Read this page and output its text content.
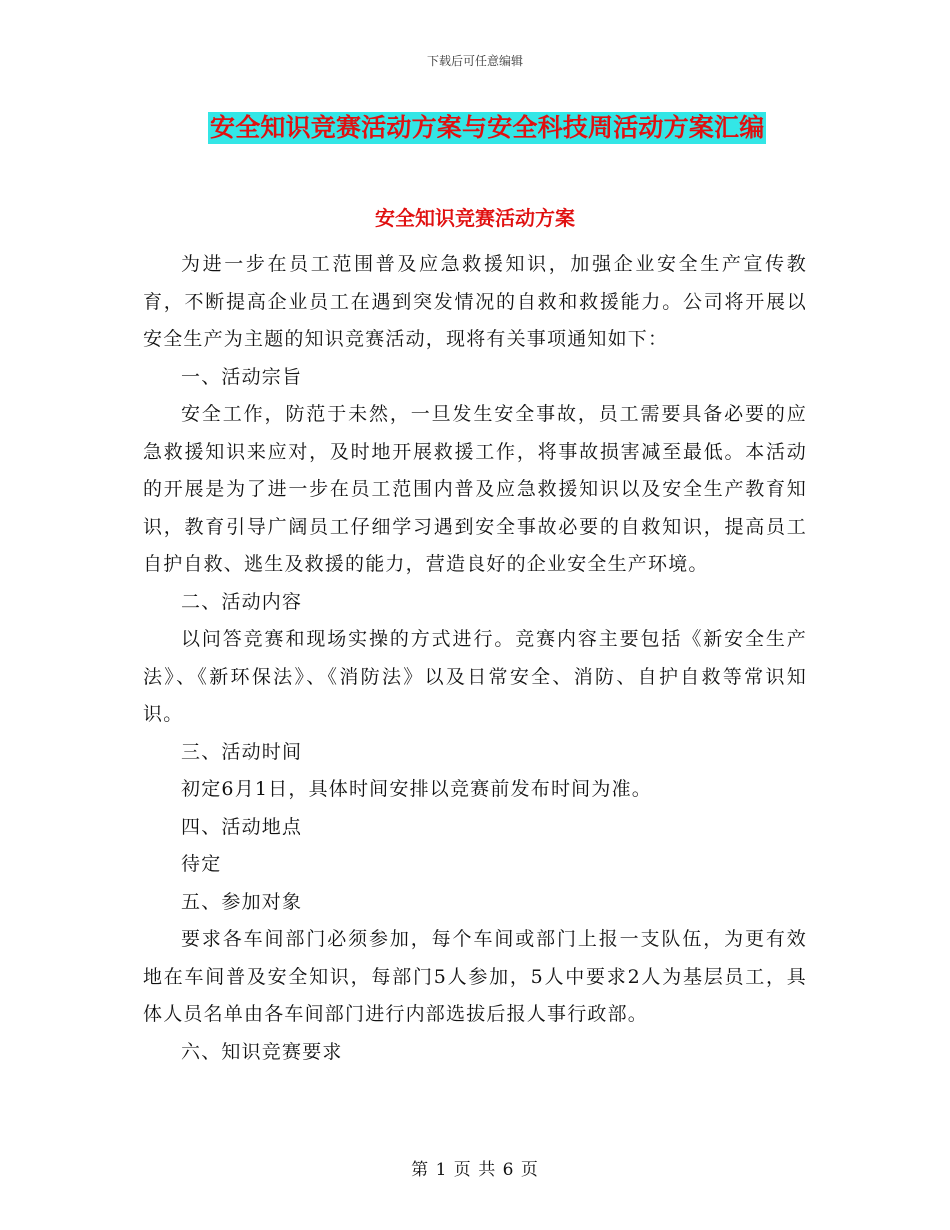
下载后可任意编辑
安全知识竞赛活动方案与安全科技周活动方案汇编
安全知识竞赛活动方案

为进一步在员工范围普及应急救援知识，加强企业安全生产宣传教育，不断提高企业员工在遇到突发情况的自救和救援能力。公司将开展以安全生产为主题的知识竞赛活动，现将有关事项通知如下：

一、活动宗旨

安全工作，防范于未然，一旦发生安全事故，员工需要具备必要的应急救援知识来应对，及时地开展救援工作，将事故损害减至最低。本活动的开展是为了进一步在员工范围内普及应急救援知识以及安全生产教育知识，教育引导广阔员工仔细学习遇到安全事故必要的自救知识，提高员工自护自救、逃生及救援的能力，营造良好的企业安全生产环境。

二、活动内容

以问答竞赛和现场实操的方式进行。竞赛内容主要包括《新安全生产法》、《新环保法》、《消防法》以及日常安全、消防、自护自救等常识知识。

三、活动时间

初定6月1日，具体时间安排以竞赛前发布时间为准。

四、活动地点

待定

五、参加对象

要求各车间部门必须参加，每个车间或部门上报一支队伍，为更有效地在车间普及安全知识，每部门5人参加，5人中要求2人为基层员工，具体人员名单由各车间部门进行内部选拔后报人事行政部。

六、知识竞赛要求

第 1 页 共 6 页
